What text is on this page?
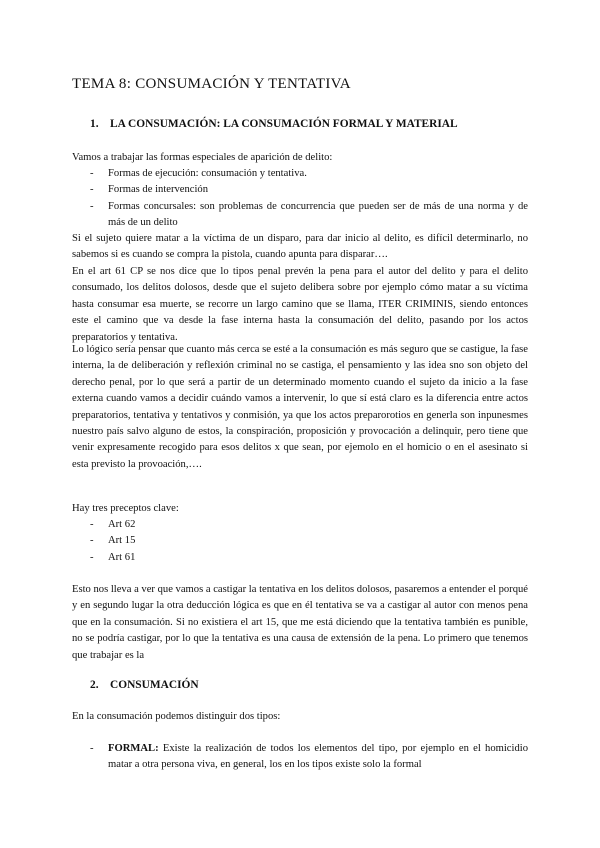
TEMA 8: CONSUMACIÓN Y TENTATIVA
1. LA CONSUMACIÓN: LA CONSUMACIÓN FORMAL Y MATERIAL

Vamos a trabajar las formas especiales de aparición de delito:

- Formas de ejecución: consumación y tentativa.
- Formas de intervención
- Formas concursales: son problemas de concurrencia que pueden ser de más de una norma y de más de un delito

Si el sujeto quiere matar a la víctima de un disparo, para dar inicio al delito, es difícil determinarlo, no sabemos si es cuando se compra la pistola, cuando apunta para disparar….

En el art 61 CP se nos dice que lo tipos penal prevén la pena para el autor del delito y para el delito consumado, los delitos dolosos, desde que el sujeto delibera sobre por ejemplo cómo matar a su víctima hasta consumar esa muerte, se recorre un largo camino que se llama, ITER CRIMINIS, siendo entonces este el camino que va desde la fase interna hasta la consumación del delito, pasando por los actos preparatorios y tentativa.

Lo lógico sería pensar que cuanto más cerca se esté a la consumación es más seguro que se castigue, la fase interna, la de deliberación y reflexión criminal no se castiga, el pensamiento y las idea sno son objeto del derecho penal, por lo que será a partir de un determinado momento cuando el sujeto da inicio a la fase externa cuando vamos a decidir cuándo vamos a intervenir, lo que sí está claro es la diferencia entre actos preparatorios, tentativa y tentativos y conmisión, ya que los actos preparorotios en generla son inpunesmes nuestro país salvo alguno de estos, la conspiración, proposición y provocación a delinquir, pero tiene que venir expresamente recogido para esos delitos x que sean, por ejemolo en el homicio o en el asesinato si esta previsto la provoación,….

Hay tres preceptos clave:

- Art 62
- Art 15
- Art 61

Esto nos lleva a ver que vamos a castigar la tentativa en los delitos dolosos, pasaremos a entender el porqué y en segundo lugar la otra deducción lógica es que en él tentativa se va a castigar al autor con menos pena que en la consumación. Si no existiera el art 15, que me está diciendo que la tentativa también es punible, no se podría castigar, por lo que la tentativa es una causa de extensión de la pena. Lo primero que tenemos que trabajar es la

2. CONSUMACIÓN

En la consumación podemos distinguir dos tipos:

- FORMAL: Existe la realización de todos los elementos del tipo, por ejemplo en el homicidio matar a otra persona viva, en general, los en los tipos existe solo la formal
